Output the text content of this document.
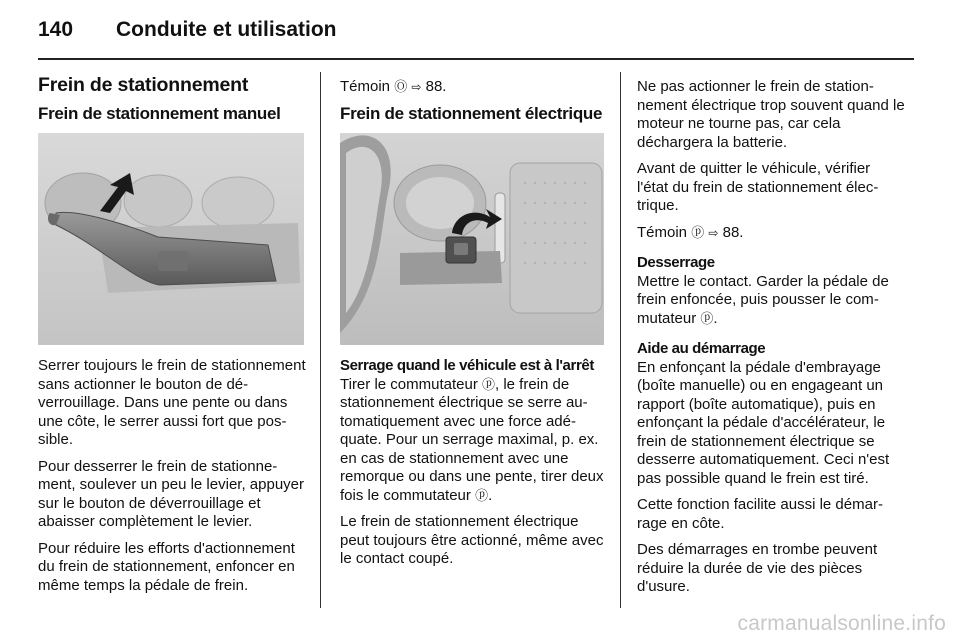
140 Conduite et utilisation
Frein de stationnement
Frein de stationnement manuel

Serrer toujours le frein de stationnement sans actionner le bouton de déverrouillage. Dans une pente ou dans une côte, le serrer aussi fort que possible.

Pour desserrer le frein de stationnement, soulever un peu le levier, appuyer sur le bouton de déverrouillage et abaisser complètement le levier.

Pour réduire les efforts d'actionnement du frein de stationnement, enfoncer en même temps la pédale de frein.

Témoin Ⓞ ⇨ 88.

Frein de stationnement électrique
Serrage quand le véhicule est à l'arrêt

Tirer le commutateur ⓟ, le frein de stationnement électrique se serre automatiquement avec une force adéquate. Pour un serrage maximal, p. ex. en cas de stationnement avec une remorque ou dans une pente, tirer deux fois le commutateur ⓟ.

Le frein de stationnement électrique peut toujours être actionné, même avec le contact coupé.

Ne pas actionner le frein de stationnement électrique trop souvent quand le moteur ne tourne pas, car cela déchargera la batterie.

Avant de quitter le véhicule, vérifier l'état du frein de stationnement électrique.

Témoin ⓟ ⇨ 88.

Desserrage

Mettre le contact. Garder la pédale de frein enfoncée, puis pousser le commutateur ⓟ.

Aide au démarrage

En enfonçant la pédale d'embrayage (boîte manuelle) ou en engageant un rapport (boîte automatique), puis en enfonçant la pédale d'accélérateur, le frein de stationnement électrique se desserre automatiquement. Ceci n'est pas possible quand le frein est tiré.

Cette fonction facilite aussi le démarrage en côte.

Des démarrages en trombe peuvent réduire la durée de vie des pièces d'usure.

carmanualsonline.info
